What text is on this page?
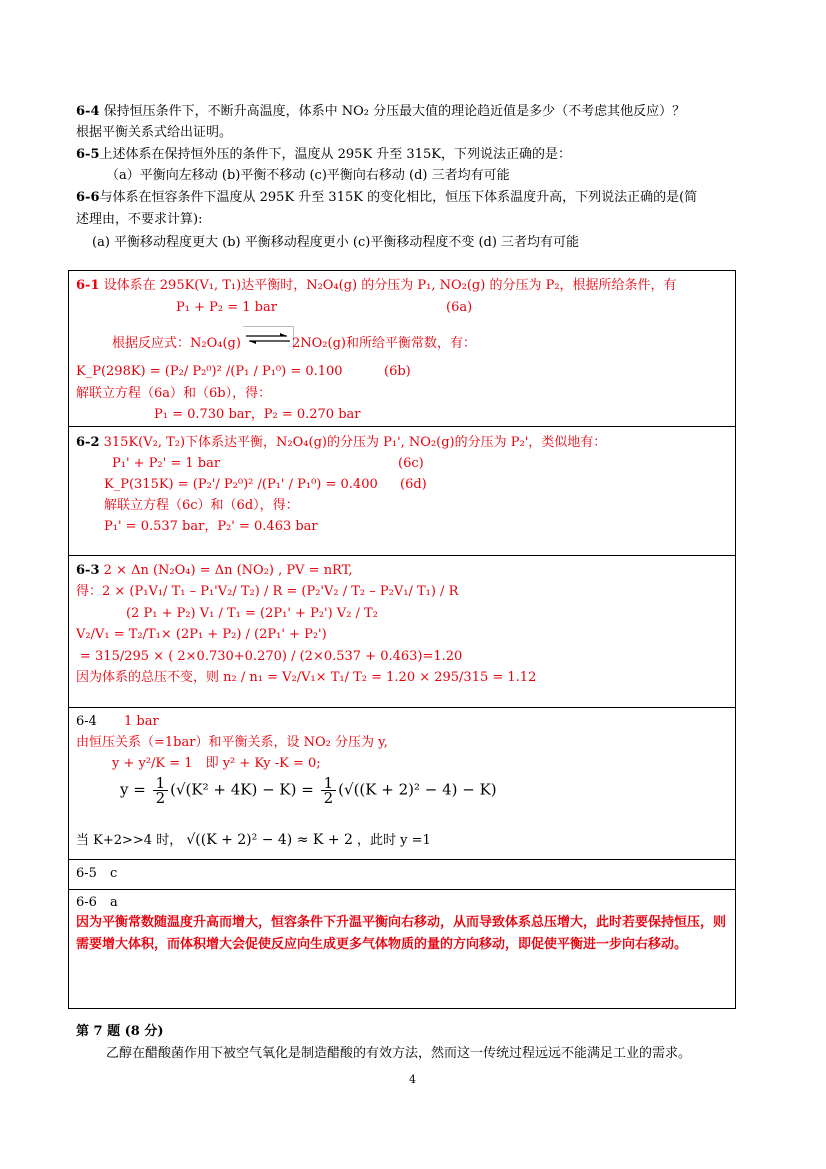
6-4 保持恒压条件下，不断升高温度，体系中 NO₂ 分压最大值的理论趋近值是多少（不考虑其他反应）？
根据平衡关系式给出证明。
6-5上述体系在保持恒外压的条件下，温度从 295K 升至 315K，下列说法正确的是：
（a）平衡向左移动 (b)平衡不移动 (c)平衡向右移动 (d) 三者均有可能
6-6与体系在恒容条件下温度从 295K 升至 315K 的变化相比，恒压下体系温度升高，下列说法正确的是(简
述理由，不要求计算):
(a) 平衡移动程度更大 (b) 平衡移动程度更小 (c)平衡移动程度不变 (d) 三者均有可能
6-1 设体系在 295K(V₁, T₁)达平衡时，N₂O₄(g) 的分压为 P₁, NO₂(g) 的分压为 P₂，根据所给条件，有
P₁ + P₂ = 1 bar	(6a)
根据反应式：N₂O₄(g)	2NO₂(g)和所给平衡常数，有：
K_P(298K) = (P₂/ P₂⁰)² /(P₁ / P₁⁰) = 0.100	(6b)
解联立方程（6a）和（6b），得：
P₁ = 0.730 bar，P₂ = 0.270 bar
6-2 315K(V₂, T₂)下体系达平衡，N₂O₄(g)的分压为 P₁', NO₂(g)的分压为 P₂'，类似地有：
P₁' + P₂' = 1 bar	(6c)
K_P(315K) = (P₂'/ P₂⁰)² /(P₁' / P₁⁰) = 0.400 (6d)
解联立方程（6c）和（6d），得：
P₁' = 0.537 bar，P₂' = 0.463 bar
6-3 2 × Δn (N₂O₄) = Δn (NO₂) , PV = nRT,
得：2 × (P₁V₁/ T₁ – P₁'V₂/ T₂) / R = (P₂'V₂ / T₂ – P₂V₁/ T₁) / R
(2 P₁ + P₂) V₁ / T₁ = (2P₁' + P₂') V₂ / T₂
V₂/V₁ = T₂/T₁× (2P₁ + P₂) / (2P₁' + P₂')
= 315/295 × ( 2×0.730+0.270) / (2×0.537 + 0.463)=1.20
因为体系的总压不变，则 n₂ / n₁ = V₂/V₁× T₁/ T₂ = 1.20 × 295/315 = 1.12
6-4 1 bar
由恒压关系（=1bar）和平衡关系，设 NO₂ 分压为 y,
y + y²/K = 1　即 y² + Ky -K = 0;
$y = \frac{1}{2} (√(K^2 + 4K) - K) = \frac{1}{2} (√((K + 2)^2 - 4) - K)$
当 K+2>>4 时， √((K + 2)² − 4) ≈ K + 2 ，此时 y =1
6-5 c
6-6 a
因为平衡常数随温度升高而增大，恒容条件下升温平衡向右移动，从而导致体系总压增大，此时若要保持恒压，则需要增大体积，而体积增大会促使反应向生成更多气体物质的量的方向移动，即促使平衡进一步向右移动。
第 7 题 (8 分)
乙醇在醋酸菌作用下被空气氧化是制造醋酸的有效方法，然而这一传统过程远远不能满足工业的需求。
4
